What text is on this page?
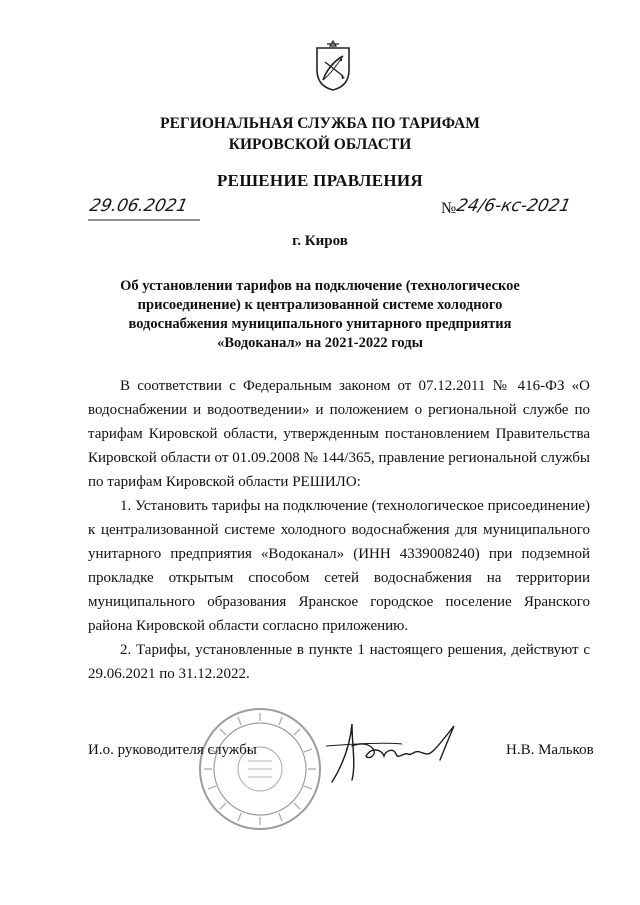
РЕГИОНАЛЬНАЯ СЛУЖБА ПО ТАРИФАМ
КИРОВСКОЙ ОБЛАСТИ
РЕШЕНИЕ ПРАВЛЕНИЯ
29.06.2021	№
24/6-кс-2021
г. Киров
Об установлении тарифов на подключение (технологическое
присоединение) к централизованной системе холодного
водоснабжения муниципального унитарного предприятия
«Водоканал» на 2021-2022 годы

В соответствии с Федеральным законом от 07.12.2011 № 416-ФЗ «О водоснабжении и водоотведении» и положением о региональной службе по тарифам Кировской области, утвержденным постановлением Правительства Кировской области от 01.09.2008 № 144/365, правление региональной службы по тарифам Кировской области РЕШИЛО:

1. Установить тарифы на подключение (технологическое присоединение) к централизованной системе холодного водоснабжения для муниципального унитарного предприятия «Водоканал» (ИНН 4339008240) при подземной прокладке открытым способом сетей водоснабжения на территории муниципального образования Яранское городское поселение Яранского района Кировской области согласно приложению.

2. Тарифы, установленные в пункте 1 настоящего решения, действуют с 29.06.2021 по 31.12.2022.

И.о. руководителя службы	Н.В. Мальков
